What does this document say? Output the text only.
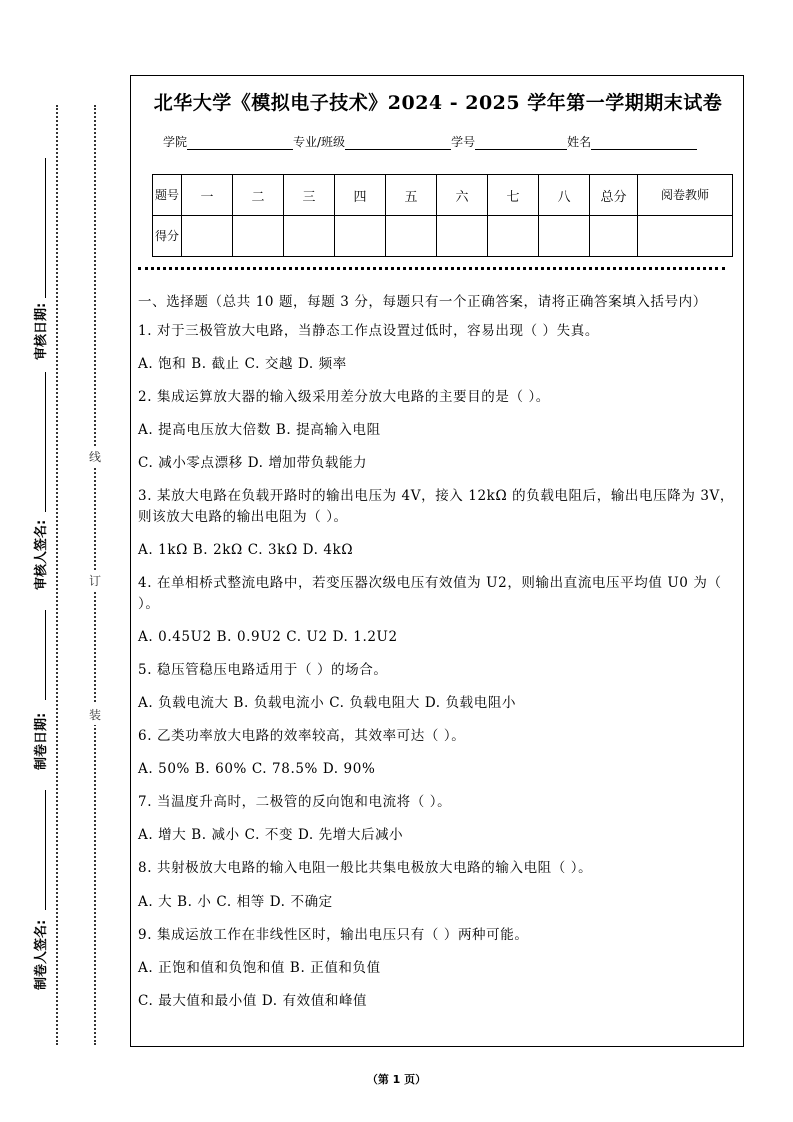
审核日期:
审核人签名:
制卷日期:
制卷人签名:
线
订
装
北华大学《模拟电子技术》2024 - 2025 学年第一学期期末试卷
学院	专业/班级	学号	姓名
题号	一	二	三	四	五	六	七	八	总分	阅卷教师
得分										

一、选择题（总共 10 题，每题 3 分，每题只有一个正确答案，请将正确答案填入括号内）

1. 对于三极管放大电路，当静态工作点设置过低时，容易出现（ ）失真。

A. 饱和 B. 截止 C. 交越 D. 频率

2. 集成运算放大器的输入级采用差分放大电路的主要目的是（ ）。

A. 提高电压放大倍数 B. 提高输入电阻

C. 减小零点漂移 D. 增加带负载能力

3. 某放大电路在负载开路时的输出电压为 4V，接入 12kΩ 的负载电阻后，输出电压降为 3V，则该放大电路的输出电阻为（ ）。

A. 1kΩ B. 2kΩ C. 3kΩ D. 4kΩ

4. 在单相桥式整流电路中，若变压器次级电压有效值为 U2，则输出直流电压平均值 U0 为（ ）。

A. 0.45U2 B. 0.9U2 C. U2 D. 1.2U2

5. 稳压管稳压电路适用于（ ）的场合。

A. 负载电流大 B. 负载电流小 C. 负载电阻大 D. 负载电阻小

6. 乙类功率放大电路的效率较高，其效率可达（ ）。

A. 50% B. 60% C. 78.5% D. 90%

7. 当温度升高时，二极管的反向饱和电流将（ ）。

A. 增大 B. 减小 C. 不变 D. 先增大后减小

8. 共射极放大电路的输入电阻一般比共集电极放大电路的输入电阻（ ）。

A. 大 B. 小 C. 相等 D. 不确定

9. 集成运放工作在非线性区时，输出电压只有（ ）两种可能。

A. 正饱和值和负饱和值 B. 正值和负值

C. 最大值和最小值 D. 有效值和峰值

（第 1 页）
